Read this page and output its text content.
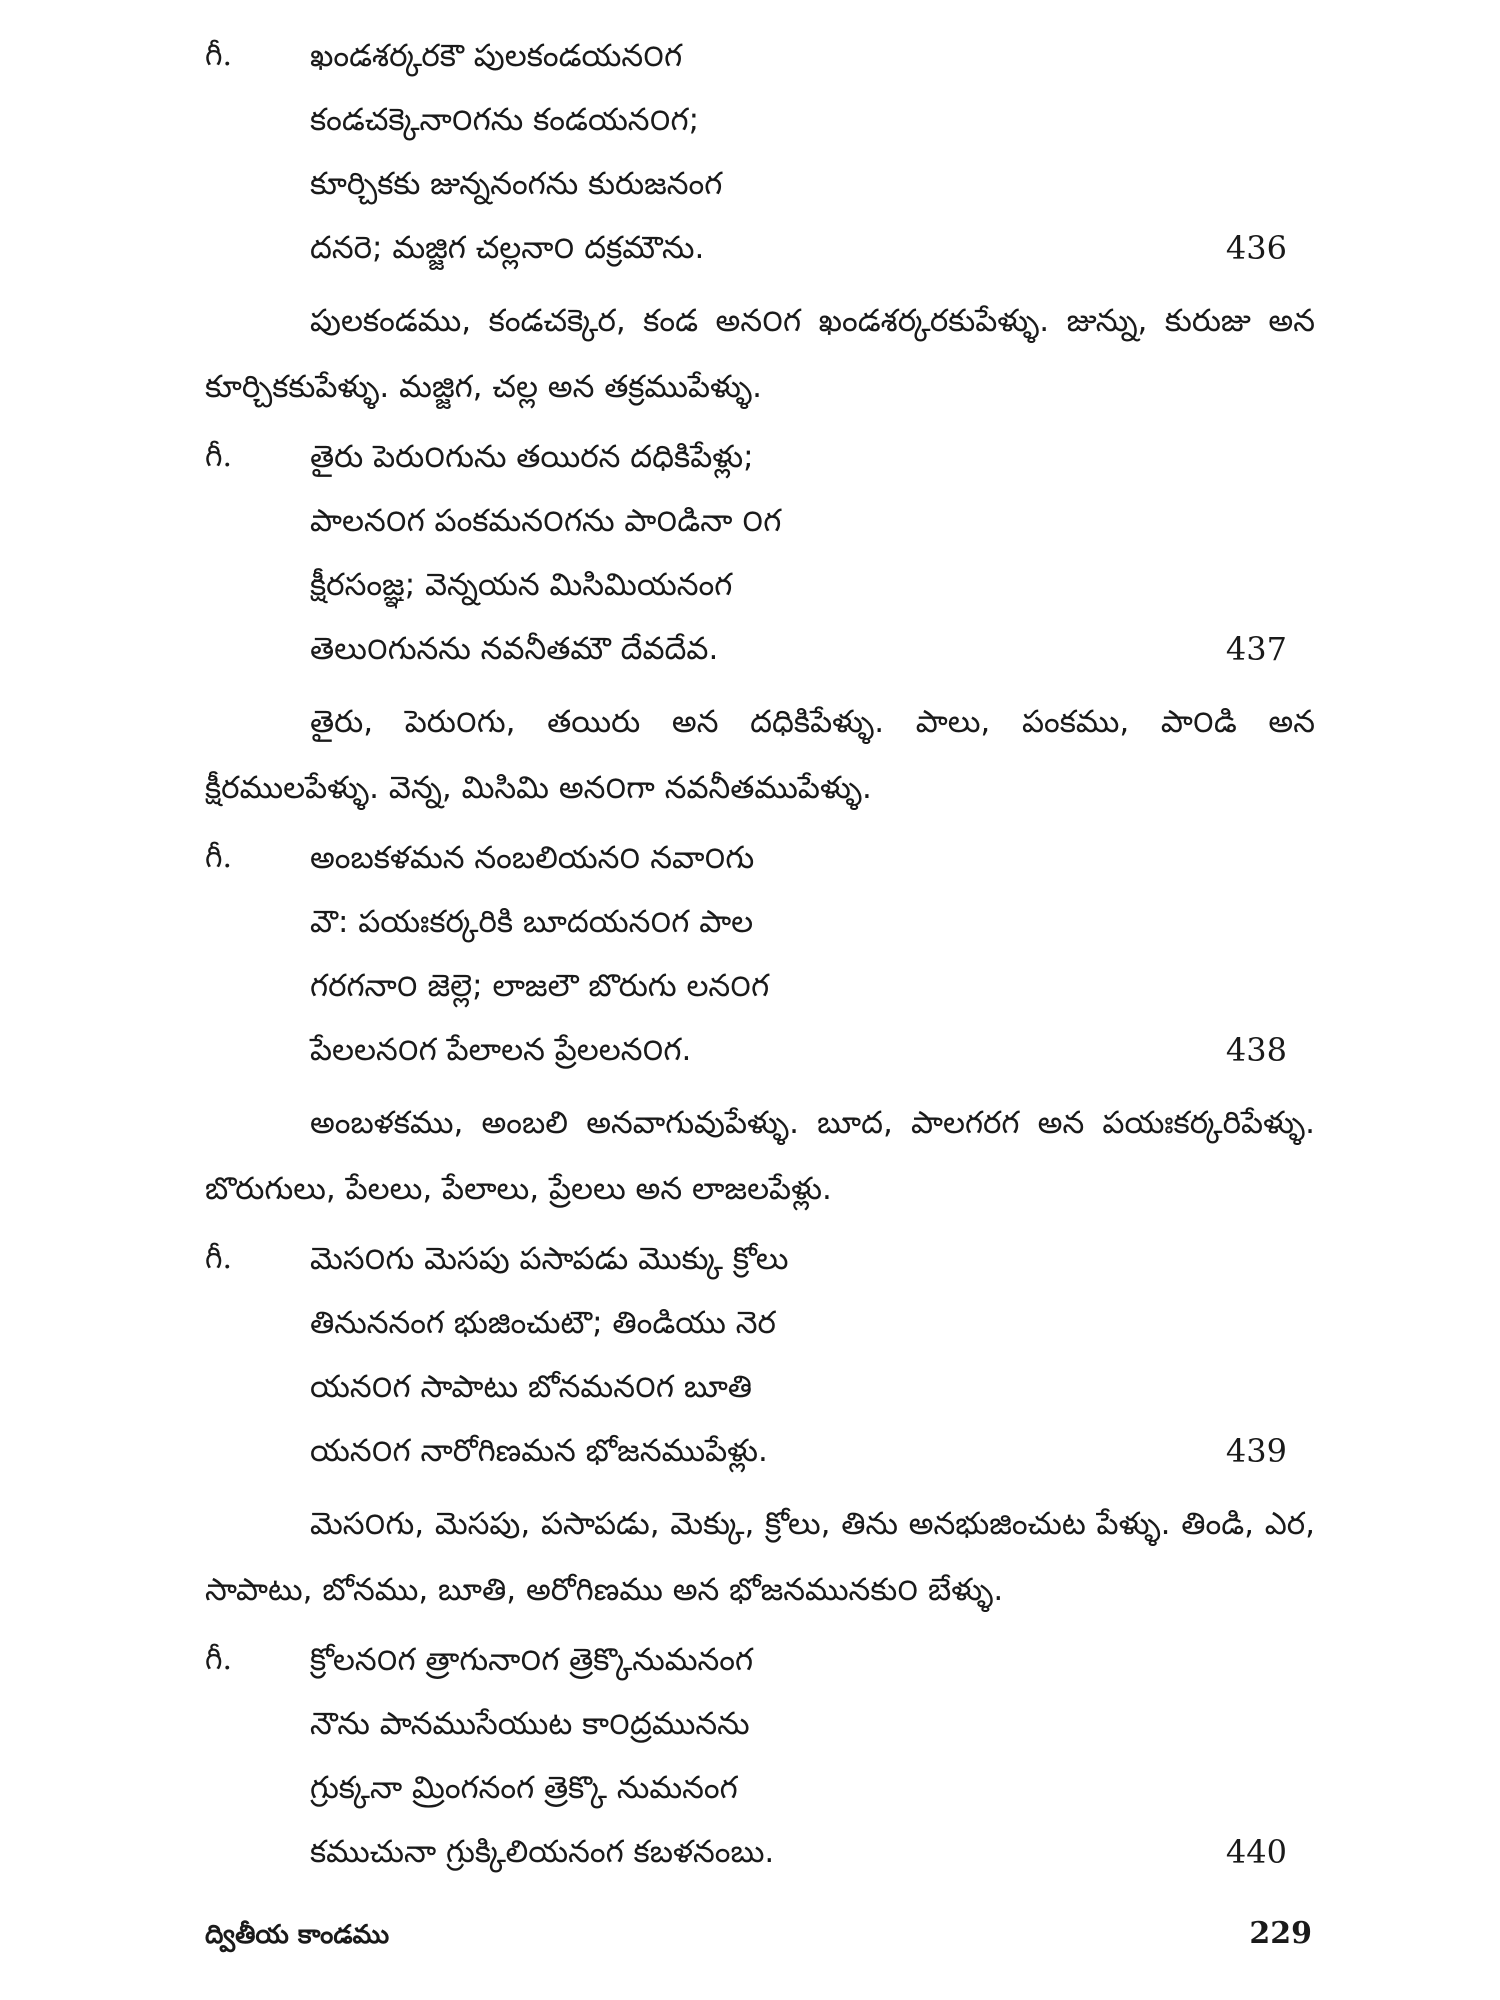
గీ.	ఖండశర్కరకౌ పులకండయన౦గ
కండచక్కెనా౦గను కండయన౦గ;
కూర్చికకు జున్ననంగను కురుజనంగ
దనరె; మజ్జిగ చల్లనా౦ దక్రమౌను.	436
పులకండము, కండచక్కెర, కండ అన౦గ ఖండశర్కరకుపేళ్ళు. జున్ను, కురుజు అన కూర్చికకుపేళ్ళు. మజ్జిగ, చల్ల అన తక్రముపేళ్ళు.
గీ.	తైరు పెరు౦గును తయిరన దధికిపేళ్లు;
పాలన౦గ పంకమన౦గను పా౦డినా ౦గ
క్షీరసంజ్ఞ; వెన్నయన మిసిమియనంగ
తెలు౦గునను నవనీతమౌ దేవదేవ.	437
తైరు, పెరు౦గు, తయిరు అన దధికిపేళ్ళు. పాలు, పంకము, పా౦డి అన క్షీరములపేళ్ళు. వెన్న, మిసిమి అన౦గా నవనీతముపేళ్ళు.
గీ.	అంబకళమన నంబలియన౦ నవా౦గు
వౌ: పయఃకర్కరికి బూదయన౦గ పాల
గరగనా౦ జెల్లె; లాజలౌ బొరుగు లన౦గ
పేలలన౦గ పేలాలన ప్రేలలన౦గ.	438
అంబళకము, అంబలి అనవాగువుపేళ్ళు. బూద, పాలగరగ అన పయఃకర్కరిపేళ్ళు. బొరుగులు, పేలలు, పేలాలు, ప్రేలలు అన లాజలపేళ్లు.
గీ.	మెస౦గు మెసపు పసాపడు మొక్కు క్రోలు
తినుననంగ భుజించుటౌ; తిండియు నెర
యన౦గ సాపాటు బోనమన౦గ బూతి
యన౦గ నారోగిణమన భోజనముపేళ్లు.	439
మెస౦గు, మెసపు, పసాపడు, మెక్కు, క్రోలు, తిను అనభుజించుట పేళ్ళు. తిండి, ఎర, సాపాటు, బోనము, బూతి, అరోగిణము అన భోజనమునకు౦ బేళ్ళు.
గీ.	క్రోలన౦గ త్రాగునా౦గ త్రెక్కొనుమనంగ
నౌను పానముసేయుట కా౦ద్రమునను
గ్రుక్కనా మ్రింగనంగ త్రెక్కొ నుమనంగ
కముచునా గ్రుక్కిలియనంగ కబళనంబు.	440
ద్వితీయ కాండము	229
